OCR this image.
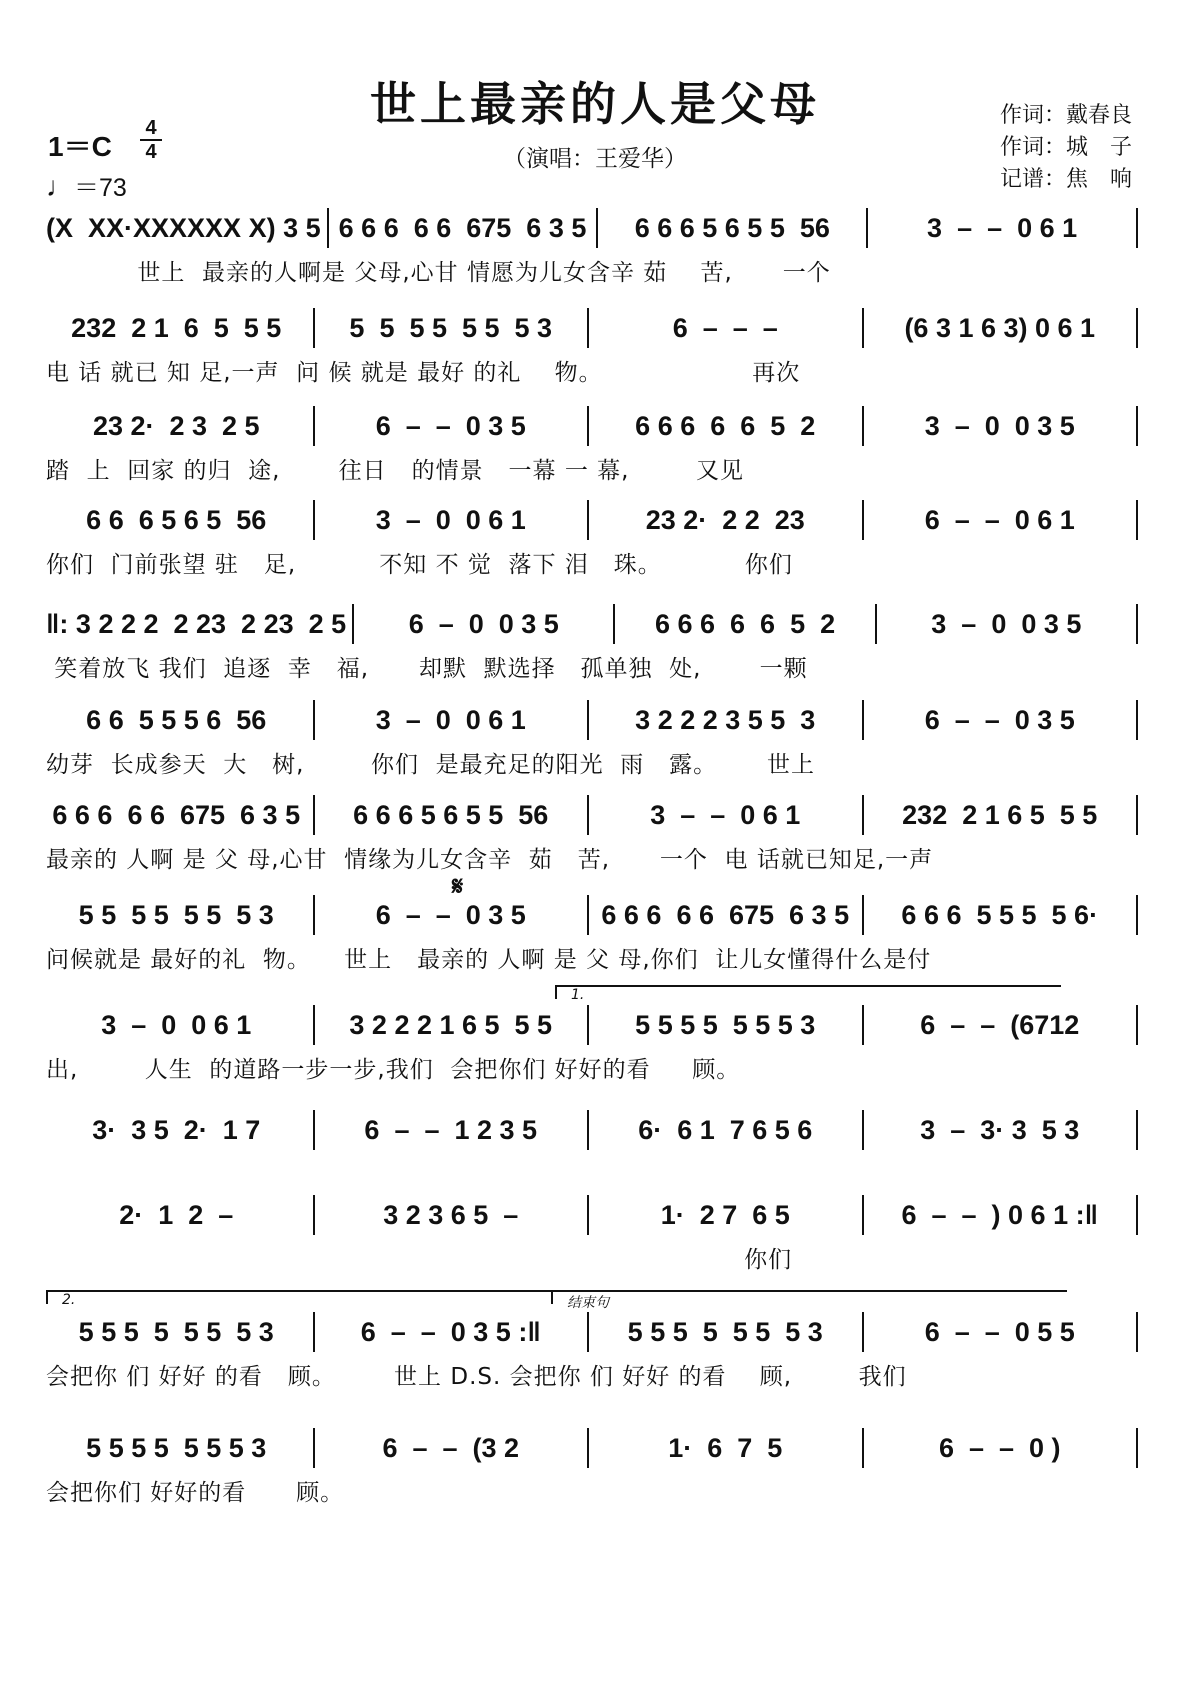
世上最亲的人是父母
（演唱：王爱华）
1＝C
4
4
♩＝73
作词：戴春良
作词：城　子
记谱：焦　响
(X  XX·XXXXXX X) 3 5 6 6 6  6 6  675  6 3 5	6 6 6 5 6 5 5  56	3  –  –  0 6 1
世上  最亲的人啊是 父母,心甘 情愿为儿女含辛 茹    苦,      一个
232  2 1  6  5  5 5	5  5  5 5  5 5  5 3	6  –  –  –	(6 3 1 6 3) 0 6 1
电 话 就已 知 足,一声  问 候 就是 最好 的礼    物。                  再次
23 2·  2 3  2 5	6  –  –  0 3 5	6 6 6  6  6  5  2	3  –  0  0 3 5
踏  上  回家 的归  途,       往日   的情景   一幕 一 幕,        又见
6 6  6 5 6 5  56	3  –  0  0 6 1	23 2·  2 2  23	6  –  –  0 6 1
你们  门前张望 驻   足,          不知 不 觉  落下 泪   珠。          你们
‖: 3 2 2 2  2 23  2 23  2 5	6  –  0  0 3 5	6 6 6  6  6  5  2	3  –  0  0 3 5
笑着放飞 我们  追逐  幸   福,      却默  默选择   孤单独  处,       一颗
6 6  5 5 5 6  56	3  –  0  0 6 1	3 2 2 2 3 5 5  3	6  –  –  0 3 5
幼芽  长成参天  大   树,        你们  是最充足的阳光  雨   露。      世上
6 6 6  6 6  675  6 3 5	6 6 6 5 6 5 5  56	3  –  –  0 6 1	232  2 1 6 5  5 5
最亲的 人啊 是 父 母,心甘  情缘为儿女含辛  茹   苦,      一个  电 话就已知足,一声
5 5  5 5  5 5  5 3	6  –  –  0 3 5	6 6 6  6 6  675  6 3 5	6 6 6  5 5 5  5 6·
问候就是 最好的礼  物。    世上   最亲的 人啊 是 父 母,你们  让儿女懂得什么是付
3  –  0  0 6 1	3 2 2 2 1 6 5  5 5	5 5 5 5  5 5 5 3	6  –  –  (6712
出,        人生  的道路一步一步,我们  会把你们 好好的看     顾。
3·  3 5  2·  1 7	6  –  –  1 2 3 5	6·  6 1  7 6 5 6	3  –  3· 3  5 3
2·  1  2  –	3 2 3 6 5  –	1·  2 7  6 5	6  –  –  ) 0 6 1 :‖
你们
5 5 5  5  5 5  5 3	6  –  –  0 3 5 :‖	5 5 5  5  5 5  5 3	6  –  –  0 5 5
会把你 们 好好 的看   顾。       世上 D.S. 会把你 们 好好 的看    顾,        我们
5 5 5 5  5 5 5 3	6  –  –  (3 2	1·  6  7  5	6  –  –  0 )
会把你们 好好的看      顾。
1.
2.	结束句
𝄋
